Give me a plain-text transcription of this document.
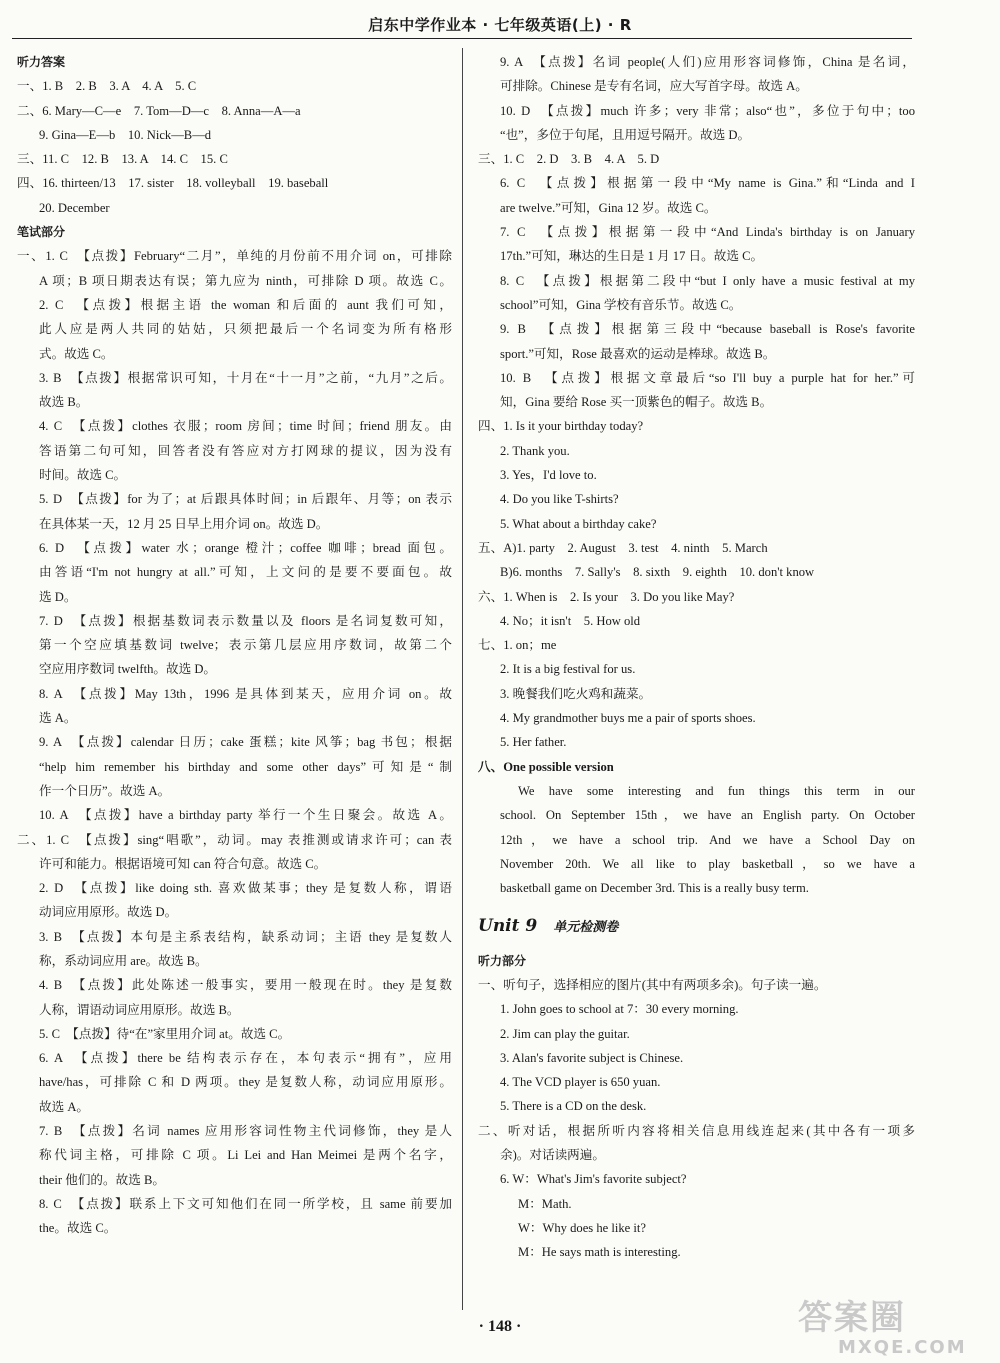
启东中学作业本 · 七年级英语(上) · R
听力答案
一、1. B　2. B　3. A　4. A　5. C
二、6. Mary—C—e　7. Tom—D—c　8. Anna—A—a
9. Gina—E—b　10. Nick—B—d
三、11. C　12. B　13. A　14. C　15. C
四、16. thirteen/13　17. sister　18. volleyball　19. baseball
20. December
笔试部分
一、1. C　【点拨】February“二月”，单纯的月份前不用介词 on，可排除
A 项；B 项日期表达有误；第九应为 ninth，可排除 D 项。故选 C。
2. C　【点拨】根据主语 the woman 和后面的 aunt 我们可知，
此人应是两人共同的姑姑，只须把最后一个名词变为所有格形
式。故选 C。
3. B　【点拨】根据常识可知，十月在“十一月”之前，“九月”之后。
故选 B。
4. C　【点拨】clothes 衣服；room 房间；time 时间；friend 朋友。由
答语第二句可知，回答者没有答应对方打网球的提议，因为没有
时间。故选 C。
5. D　【点拨】for 为了；at 后跟具体时间；in 后跟年、月等；on 表示
在具体某一天，12 月 25 日早上用介词 on。故选 D。
6. D　【点拨】water 水；orange 橙汁；coffee 咖啡；bread 面包。
由答语“I'm not hungry at all.”可知，上文问的是要不要面包。故
选 D。
7. D　【点拨】根据基数词表示数量以及 floors 是名词复数可知，
第一个空应填基数词 twelve；表示第几层应用序数词，故第二个
空应用序数词 twelfth。故选 D。
8. A　【点拨】May 13th，1996 是具体到某天，应用介词 on。故
选 A。
9. A　【点拨】calendar 日历；cake 蛋糕；kite 风筝；bag 书包；根据
“help him remember his birthday and some other days”可知是“制
作一个日历”。故选 A。
10. A　【点拨】have a birthday party 举行一个生日聚会。故选 A。
二、1. C　【点拨】sing“唱歌”，动词。may 表推测或请求许可；can 表
许可和能力。根据语境可知 can 符合句意。故选 C。
2. D　【点拨】like doing sth. 喜欢做某事；they 是复数人称，谓语
动词应用原形。故选 D。
3. B　【点拨】本句是主系表结构，缺系动词；主语 they 是复数人
称，系动词应用 are。故选 B。
4. B　【点拨】此处陈述一般事实，要用一般现在时。they 是复数
人称，谓语动词应用原形。故选 B。
5. C　【点拨】待“在”家里用介词 at。故选 C。
6. A　【点拨】there be 结构表示存在，本句表示“拥有”，应用
have/has，可排除 C 和 D 两项。they 是复数人称，动词应用原形。
故选 A。
7. B　【点拨】名词 names 应用形容词性物主代词修饰，they 是人
称代词主格，可排除 C 项。Li Lei and Han Meimei 是两个名字，
their 他们的。故选 B。
8. C　【点拨】联系上下文可知他们在同一所学校，且 same 前要加
the。故选 C。
9. A　【点拨】名词 people(人们)应用形容词修饰，China 是名词，
可排除。Chinese 是专有名词，应大写首字母。故选 A。
10. D　【点拨】much 许多；very 非常；also“也”，多位于句中；too
“也”，多位于句尾，且用逗号隔开。故选 D。
三、1. C　2. D　3. B　4. A　5. D
6. C　【点拨】根据第一段中“My name is Gina.”和“Linda and I
are twelve.”可知，Gina 12 岁。故选 C。
7. C　【点拨】根据第一段中“And Linda's birthday is on January
17th.”可知，琳达的生日是 1 月 17 日。故选 C。
8. C　【点拨】根据第二段中“but I only have a music festival at my
school”可知，Gina 学校有音乐节。故选 C。
9. B　【点拨】根据第三段中“because baseball is Rose's favorite
sport.”可知，Rose 最喜欢的运动是棒球。故选 B。
10. B　【点拨】根据文章最后“so I'll buy a purple hat for her.”可
知，Gina 要给 Rose 买一顶紫色的帽子。故选 B。
四、1. Is it your birthday today?
2. Thank you.
3. Yes，I'd love to.
4. Do you like T-shirts?
5. What about a birthday cake?
五、A)1. party　2. August　3. test　4. ninth　5. March
B)6. months　7. Sally's　8. sixth　9. eighth　10. don't know
六、1. When is　2. Is your　3. Do you like May?
4. No；it isn't　5. How old
七、1. on；me
2. It is a big festival for us.
3. 晚餐我们吃火鸡和蔬菜。
4. My grandmother buys me a pair of sports shoes.
5. Her father.
八、One possible version
We have some interesting and fun things this term in our
school. On September 15th，we have an English party. On October
12th，we have a school trip. And we have a School Day on
November 20th. We all like to play basketball，so we have a
basketball game on December 3rd. This is a really busy term.
Unit 9 单元检测卷
听力部分
一、听句子，选择相应的图片(其中有两项多余)。句子读一遍。
1. John goes to school at 7：30 every morning.
2. Jim can play the guitar.
3. Alan's favorite subject is Chinese.
4. The VCD player is 650 yuan.
5. There is a CD on the desk.
二、听对话，根据所听内容将相关信息用线连起来(其中各有一项多
余)。对话读两遍。
6. W：What's Jim's favorite subject?
M：Math.
W：Why does he like it?
M：He says math is interesting.
· 148 ·	答案圈
MXQE.COM
